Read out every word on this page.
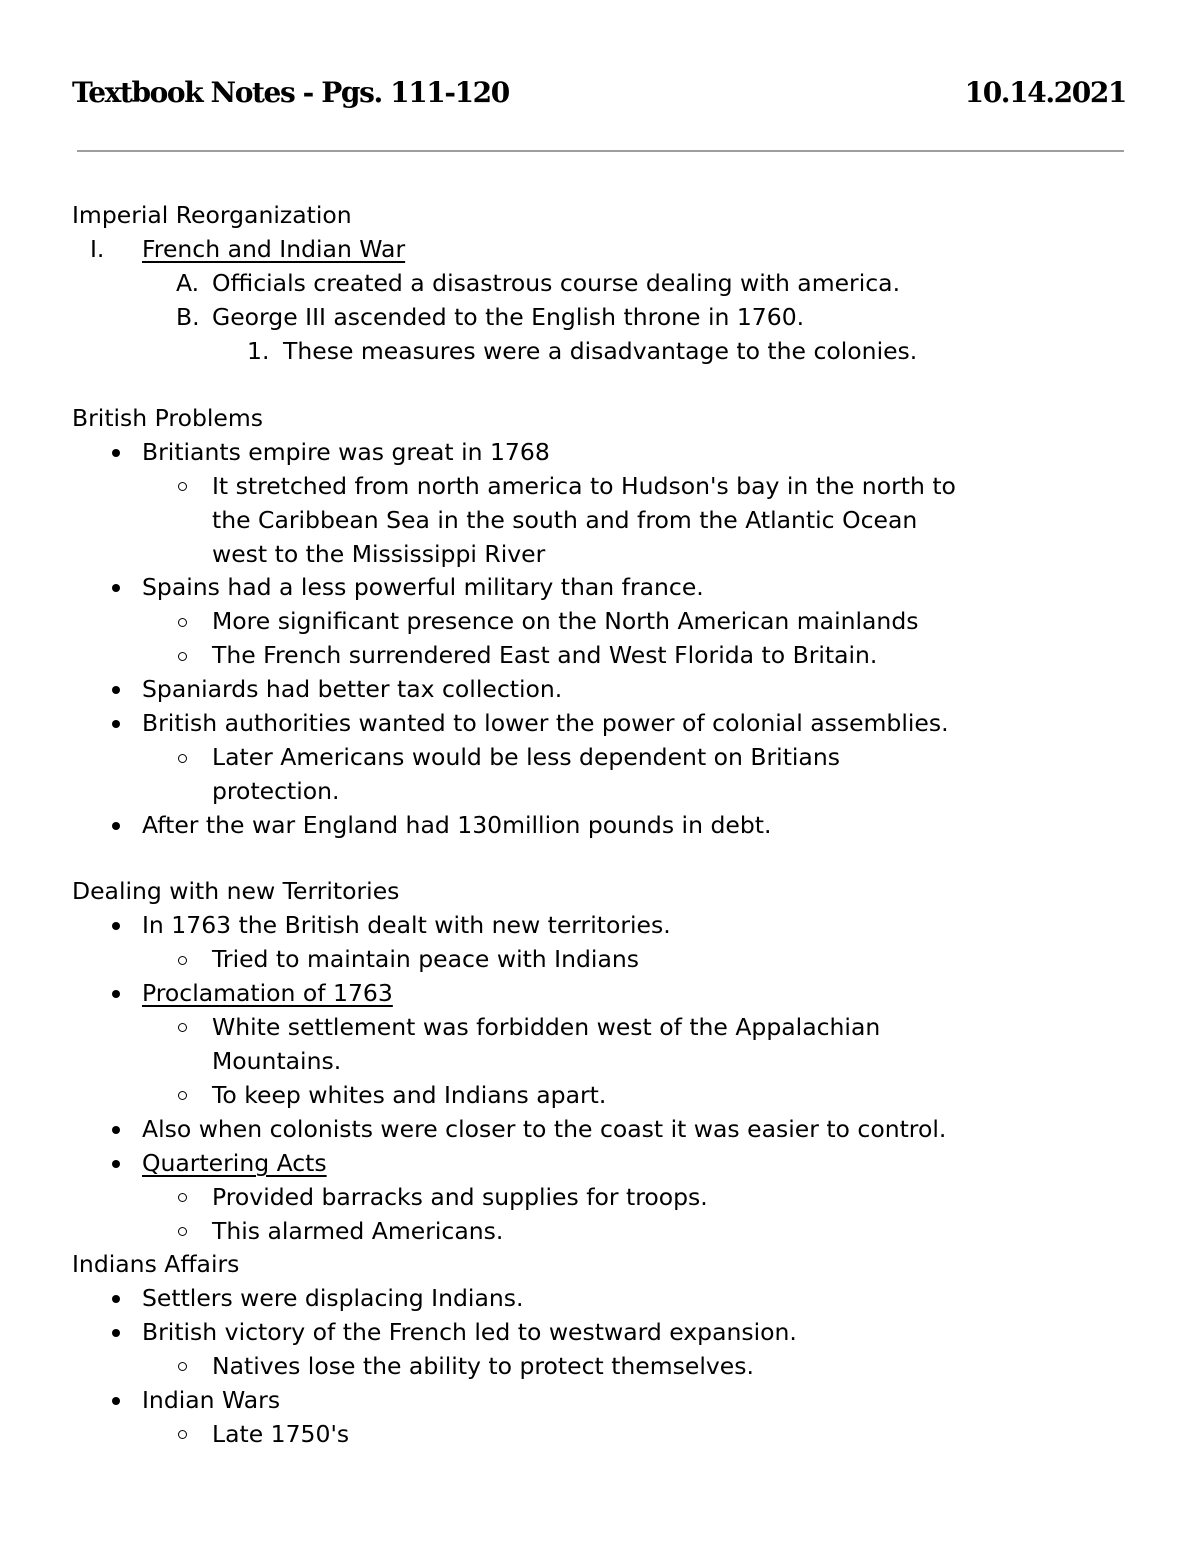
Textbook Notes - Pgs. 111-120	10.14.2021
Imperial Reorganization
I. French and Indian War
A. Officials created a disastrous course dealing with america.
B. George III ascended to the English throne in 1760.
1. These measures were a disadvantage to the colonies.
British Problems
Britiants empire was great in 1768
It stretched from north america to Hudson's bay in the north to
the Caribbean Sea in the south and from the Atlantic Ocean
west to the Mississippi River
Spains had a less powerful military than france.
More significant presence on the North American mainlands
The French surrendered East and West Florida to Britain.
Spaniards had better tax collection.
British authorities wanted to lower the power of colonial assemblies.
Later Americans would be less dependent on Britians
protection.
After the war England had 130million pounds in debt.
Dealing with new Territories
In 1763 the British dealt with new territories.
Tried to maintain peace with Indians
Proclamation of 1763
White settlement was forbidden west of the Appalachian
Mountains.
To keep whites and Indians apart.
Also when colonists were closer to the coast it was easier to control.
Quartering Acts
Provided barracks and supplies for troops.
This alarmed Americans.
Indians Affairs
Settlers were displacing Indians.
British victory of the French led to westward expansion.
Natives lose the ability to protect themselves.
Indian Wars
Late 1750's
